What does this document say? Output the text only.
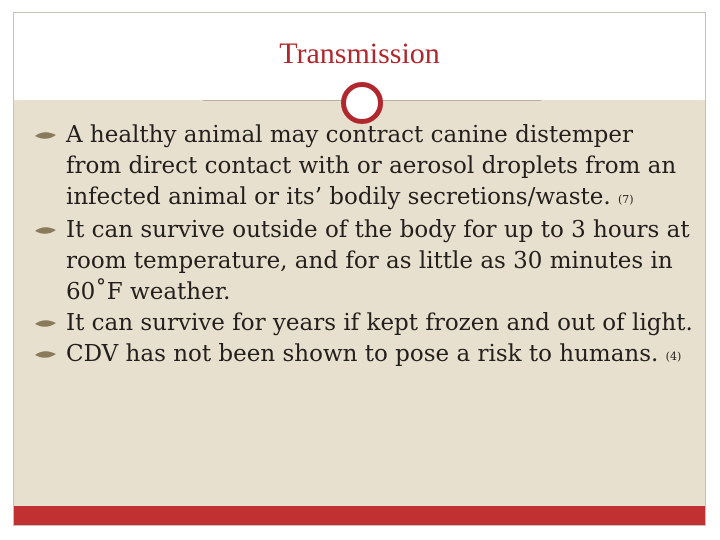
Transmission

A healthy animal may contract canine distemper from direct contact with or aerosol droplets from an infected animal or its’ bodily secretions/waste. (7)

It can survive outside of the body for up to 3 hours at room temperature, and for as little as 30 minutes in 60˚F weather.

It can survive for years if kept frozen and out of light.

CDV has not been shown to pose a risk to humans. (4)
